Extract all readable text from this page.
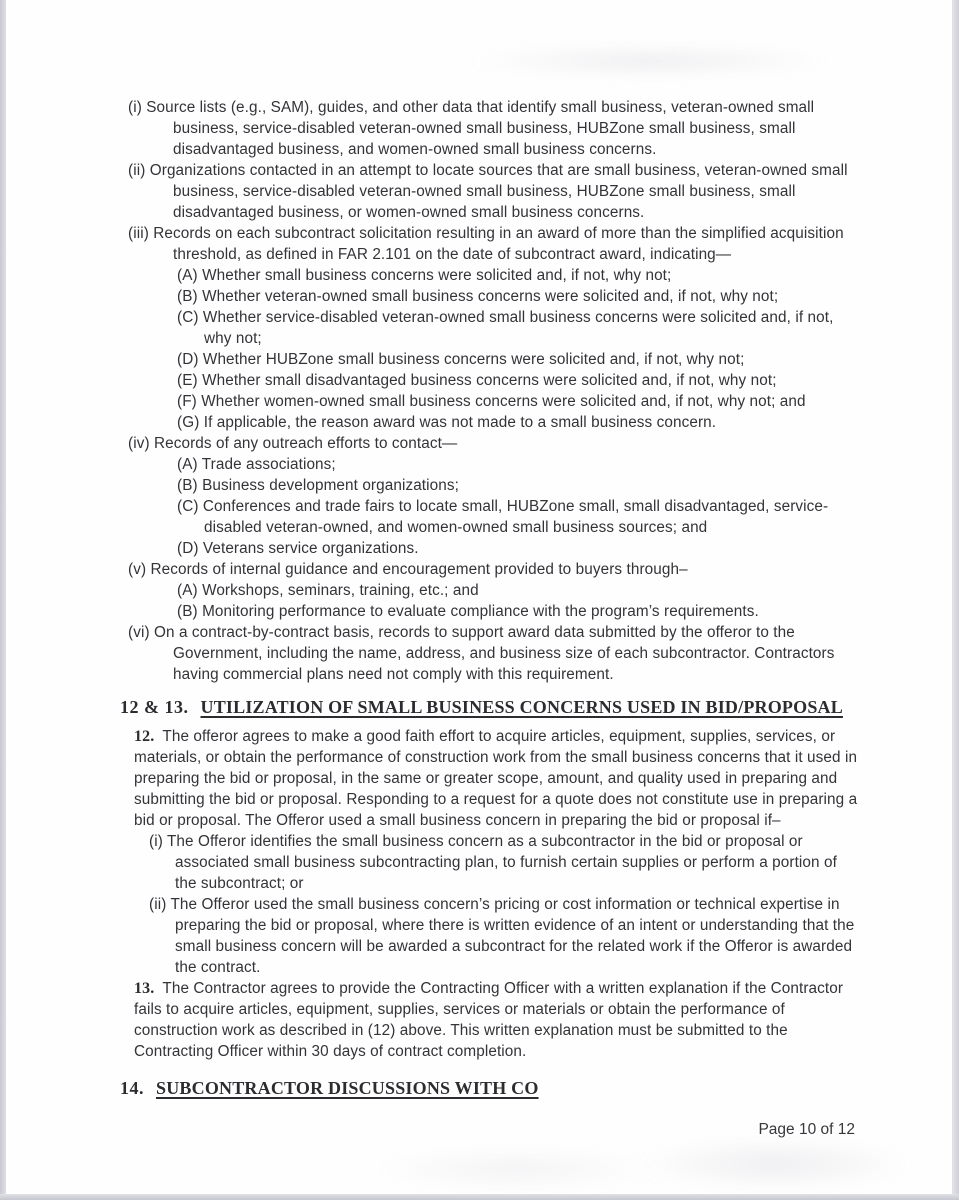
(i) Source lists (e.g., SAM), guides, and other data that identify small business, veteran-owned small business, service-disabled veteran-owned small business, HUBZone small business, small disadvantaged business, and women-owned small business concerns.
(ii) Organizations contacted in an attempt to locate sources that are small business, veteran-owned small business, service-disabled veteran-owned small business, HUBZone small business, small disadvantaged business, or women-owned small business concerns.
(iii) Records on each subcontract solicitation resulting in an award of more than the simplified acquisition threshold, as defined in FAR 2.101 on the date of subcontract award, indicating—
(A) Whether small business concerns were solicited and, if not, why not;
(B) Whether veteran-owned small business concerns were solicited and, if not, why not;
(C) Whether service-disabled veteran-owned small business concerns were solicited and, if not, why not;
(D) Whether HUBZone small business concerns were solicited and, if not, why not;
(E) Whether small disadvantaged business concerns were solicited and, if not, why not;
(F) Whether women-owned small business concerns were solicited and, if not, why not; and
(G) If applicable, the reason award was not made to a small business concern.
(iv) Records of any outreach efforts to contact—
(A) Trade associations;
(B) Business development organizations;
(C) Conferences and trade fairs to locate small, HUBZone small, small disadvantaged, service-disabled veteran-owned, and women-owned small business sources; and
(D) Veterans service organizations.
(v) Records of internal guidance and encouragement provided to buyers through–
(A) Workshops, seminars, training, etc.; and
(B) Monitoring performance to evaluate compliance with the program’s requirements.
(vi) On a contract-by-contract basis, records to support award data submitted by the offeror to the Government, including the name, address, and business size of each subcontractor. Contractors having commercial plans need not comply with this requirement.
12 & 13. UTILIZATION OF SMALL BUSINESS CONCERNS USED IN BID/PROPOSAL
12. The offeror agrees to make a good faith effort to acquire articles, equipment, supplies, services, or materials, or obtain the performance of construction work from the small business concerns that it used in preparing the bid or proposal, in the same or greater scope, amount, and quality used in preparing and submitting the bid or proposal. Responding to a request for a quote does not constitute use in preparing a bid or proposal. The Offeror used a small business concern in preparing the bid or proposal if–
(i) The Offeror identifies the small business concern as a subcontractor in the bid or proposal or associated small business subcontracting plan, to furnish certain supplies or perform a portion of the subcontract; or
(ii) The Offeror used the small business concern’s pricing or cost information or technical expertise in preparing the bid or proposal, where there is written evidence of an intent or understanding that the small business concern will be awarded a subcontract for the related work if the Offeror is awarded the contract.
13. The Contractor agrees to provide the Contracting Officer with a written explanation if the Contractor fails to acquire articles, equipment, supplies, services or materials or obtain the performance of construction work as described in (12) above. This written explanation must be submitted to the Contracting Officer within 30 days of contract completion.
14. SUBCONTRACTOR DISCUSSIONS WITH CO
Page 10 of 12
